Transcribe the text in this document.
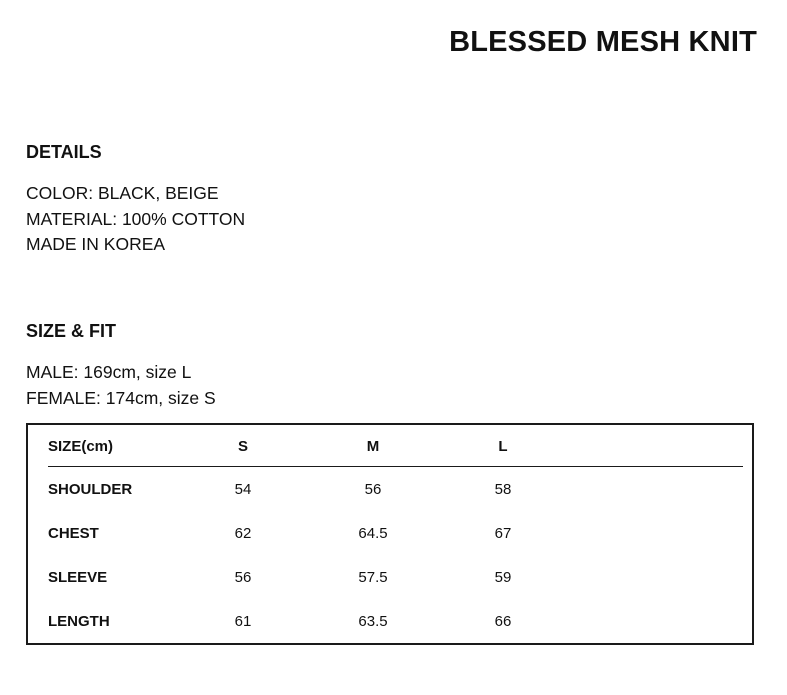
BLESSED MESH KNIT
DETAILS
COLOR: BLACK, BEIGE
MATERIAL: 100% COTTON
MADE IN KOREA
SIZE & FIT
MALE: 169cm, size L
FEMALE: 174cm, size S
SIZE(cm)	S	M	L
SHOULDER	54	56	58
CHEST	62	64.5	67
SLEEVE	56	57.5	59
LENGTH	61	63.5	66
